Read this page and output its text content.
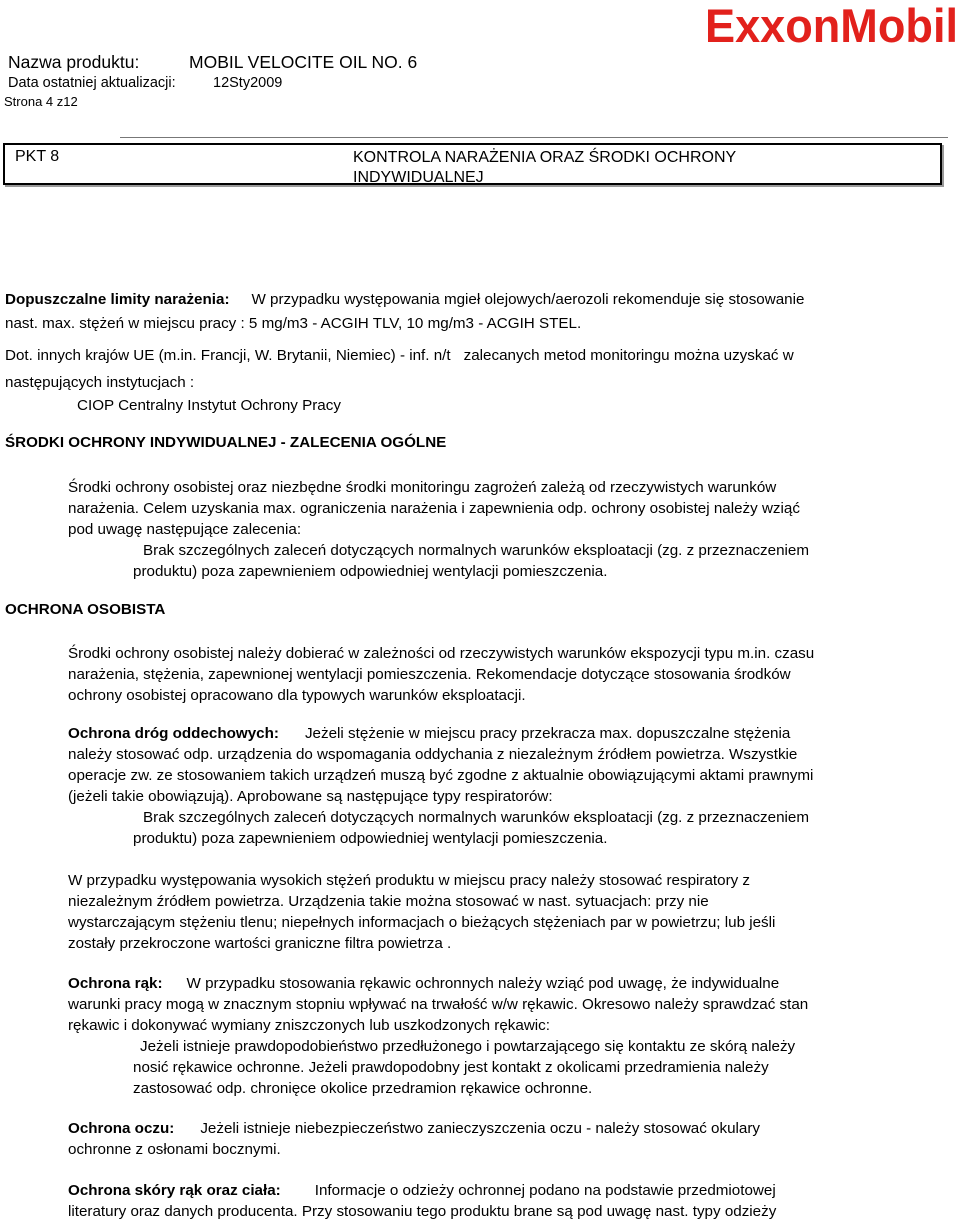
Nazwa produktu:	MOBIL VELOCITE OIL NO. 6
Data ostatniej aktualizacji:	12Sty2009
Strona 4 z12
ExxonMobil
PKT 8	KONTROLA NARAŻENIA ORAZ ŚRODKI OCHRONY INDYWIDUALNEJ
Dopuszczalne limity narażenia: W przypadku występowania mgieł olejowych/aerozoli rekomenduje się stosowanie
nast. max. stężeń w miejscu pracy : 5 mg/m3 - ACGIH TLV, 10 mg/m3 - ACGIH STEL.
Dot. innych krajów UE (m.in. Francji, W. Brytanii, Niemiec) - inf. n/t zalecanych metod monitoringu można uzyskać w
następujących instytucjach :
CIOP Centralny Instytut Ochrony Pracy
ŚRODKI OCHRONY INDYWIDUALNEJ - ZALECENIA OGÓLNE
Środki ochrony osobistej oraz niezbędne środki monitoringu zagrożeń zależą od rzeczywistych warunków
narażenia. Celem uzyskania max. ograniczenia narażenia i zapewnienia odp. ochrony osobistej należy wziąć
pod uwagę następujące zalecenia:
Brak szczególnych zaleceń dotyczących normalnych warunków eksploatacji (zg. z przeznaczeniem
produktu) poza zapewnieniem odpowiedniej wentylacji pomieszczenia.
OCHRONA OSOBISTA
Środki ochrony osobistej należy dobierać w zależności od rzeczywistych warunków ekspozycji typu m.in. czasu
narażenia, stężenia, zapewnionej wentylacji pomieszczenia. Rekomendacje dotyczące stosowania środków
ochrony osobistej opracowano dla typowych warunków eksploatacji.
Ochrona dróg oddechowych: Jeżeli stężenie w miejscu pracy przekracza max. dopuszczalne stężenia
należy stosować odp. urządzenia do wspomagania oddychania z niezależnym źródłem powietrza. Wszystkie
operacje zw. ze stosowaniem takich urządzeń muszą być zgodne z aktualnie obowiązującymi aktami prawnymi
(jeżeli takie obowiązują). Aprobowane są następujące typy respiratorów:
Brak szczególnych zaleceń dotyczących normalnych warunków eksploatacji (zg. z przeznaczeniem
produktu) poza zapewnieniem odpowiedniej wentylacji pomieszczenia.
W przypadku występowania wysokich stężeń produktu w miejscu pracy należy stosować respiratory z
niezależnym źródłem powietrza. Urządzenia takie można stosować w nast. sytuacjach: przy nie
wystarczającym stężeniu tlenu; niepełnych informacjach o bieżących stężeniach par w powietrzu; lub jeśli
zostały przekroczone wartości graniczne filtra powietrza .
Ochrona rąk: W przypadku stosowania rękawic ochronnych należy wziąć pod uwagę, że indywidualne
warunki pracy mogą w znacznym stopniu wpływać na trwałość w/w rękawic. Okresowo należy sprawdzać stan
rękawic i dokonywać wymiany zniszczonych lub uszkodzonych rękawic:
Jeżeli istnieje prawdopodobieństwo przedłużonego i powtarzającego się kontaktu ze skórą należy
nosić rękawice ochronne. Jeżeli prawdopodobny jest kontakt z okolicami przedramienia należy
zastosować odp. chronięce okolice przedramion rękawice ochronne.
Ochrona oczu: Jeżeli istnieje niebezpieczeństwo zanieczyszczenia oczu - należy stosować okulary
ochronne z osłonami bocznymi.
Ochrona skóry rąk oraz ciała: Informacje o odzieży ochronnej podano na podstawie przedmiotowej
literatury oraz danych producenta. Przy stosowaniu tego produktu brane są pod uwagę nast. typy odzieży
